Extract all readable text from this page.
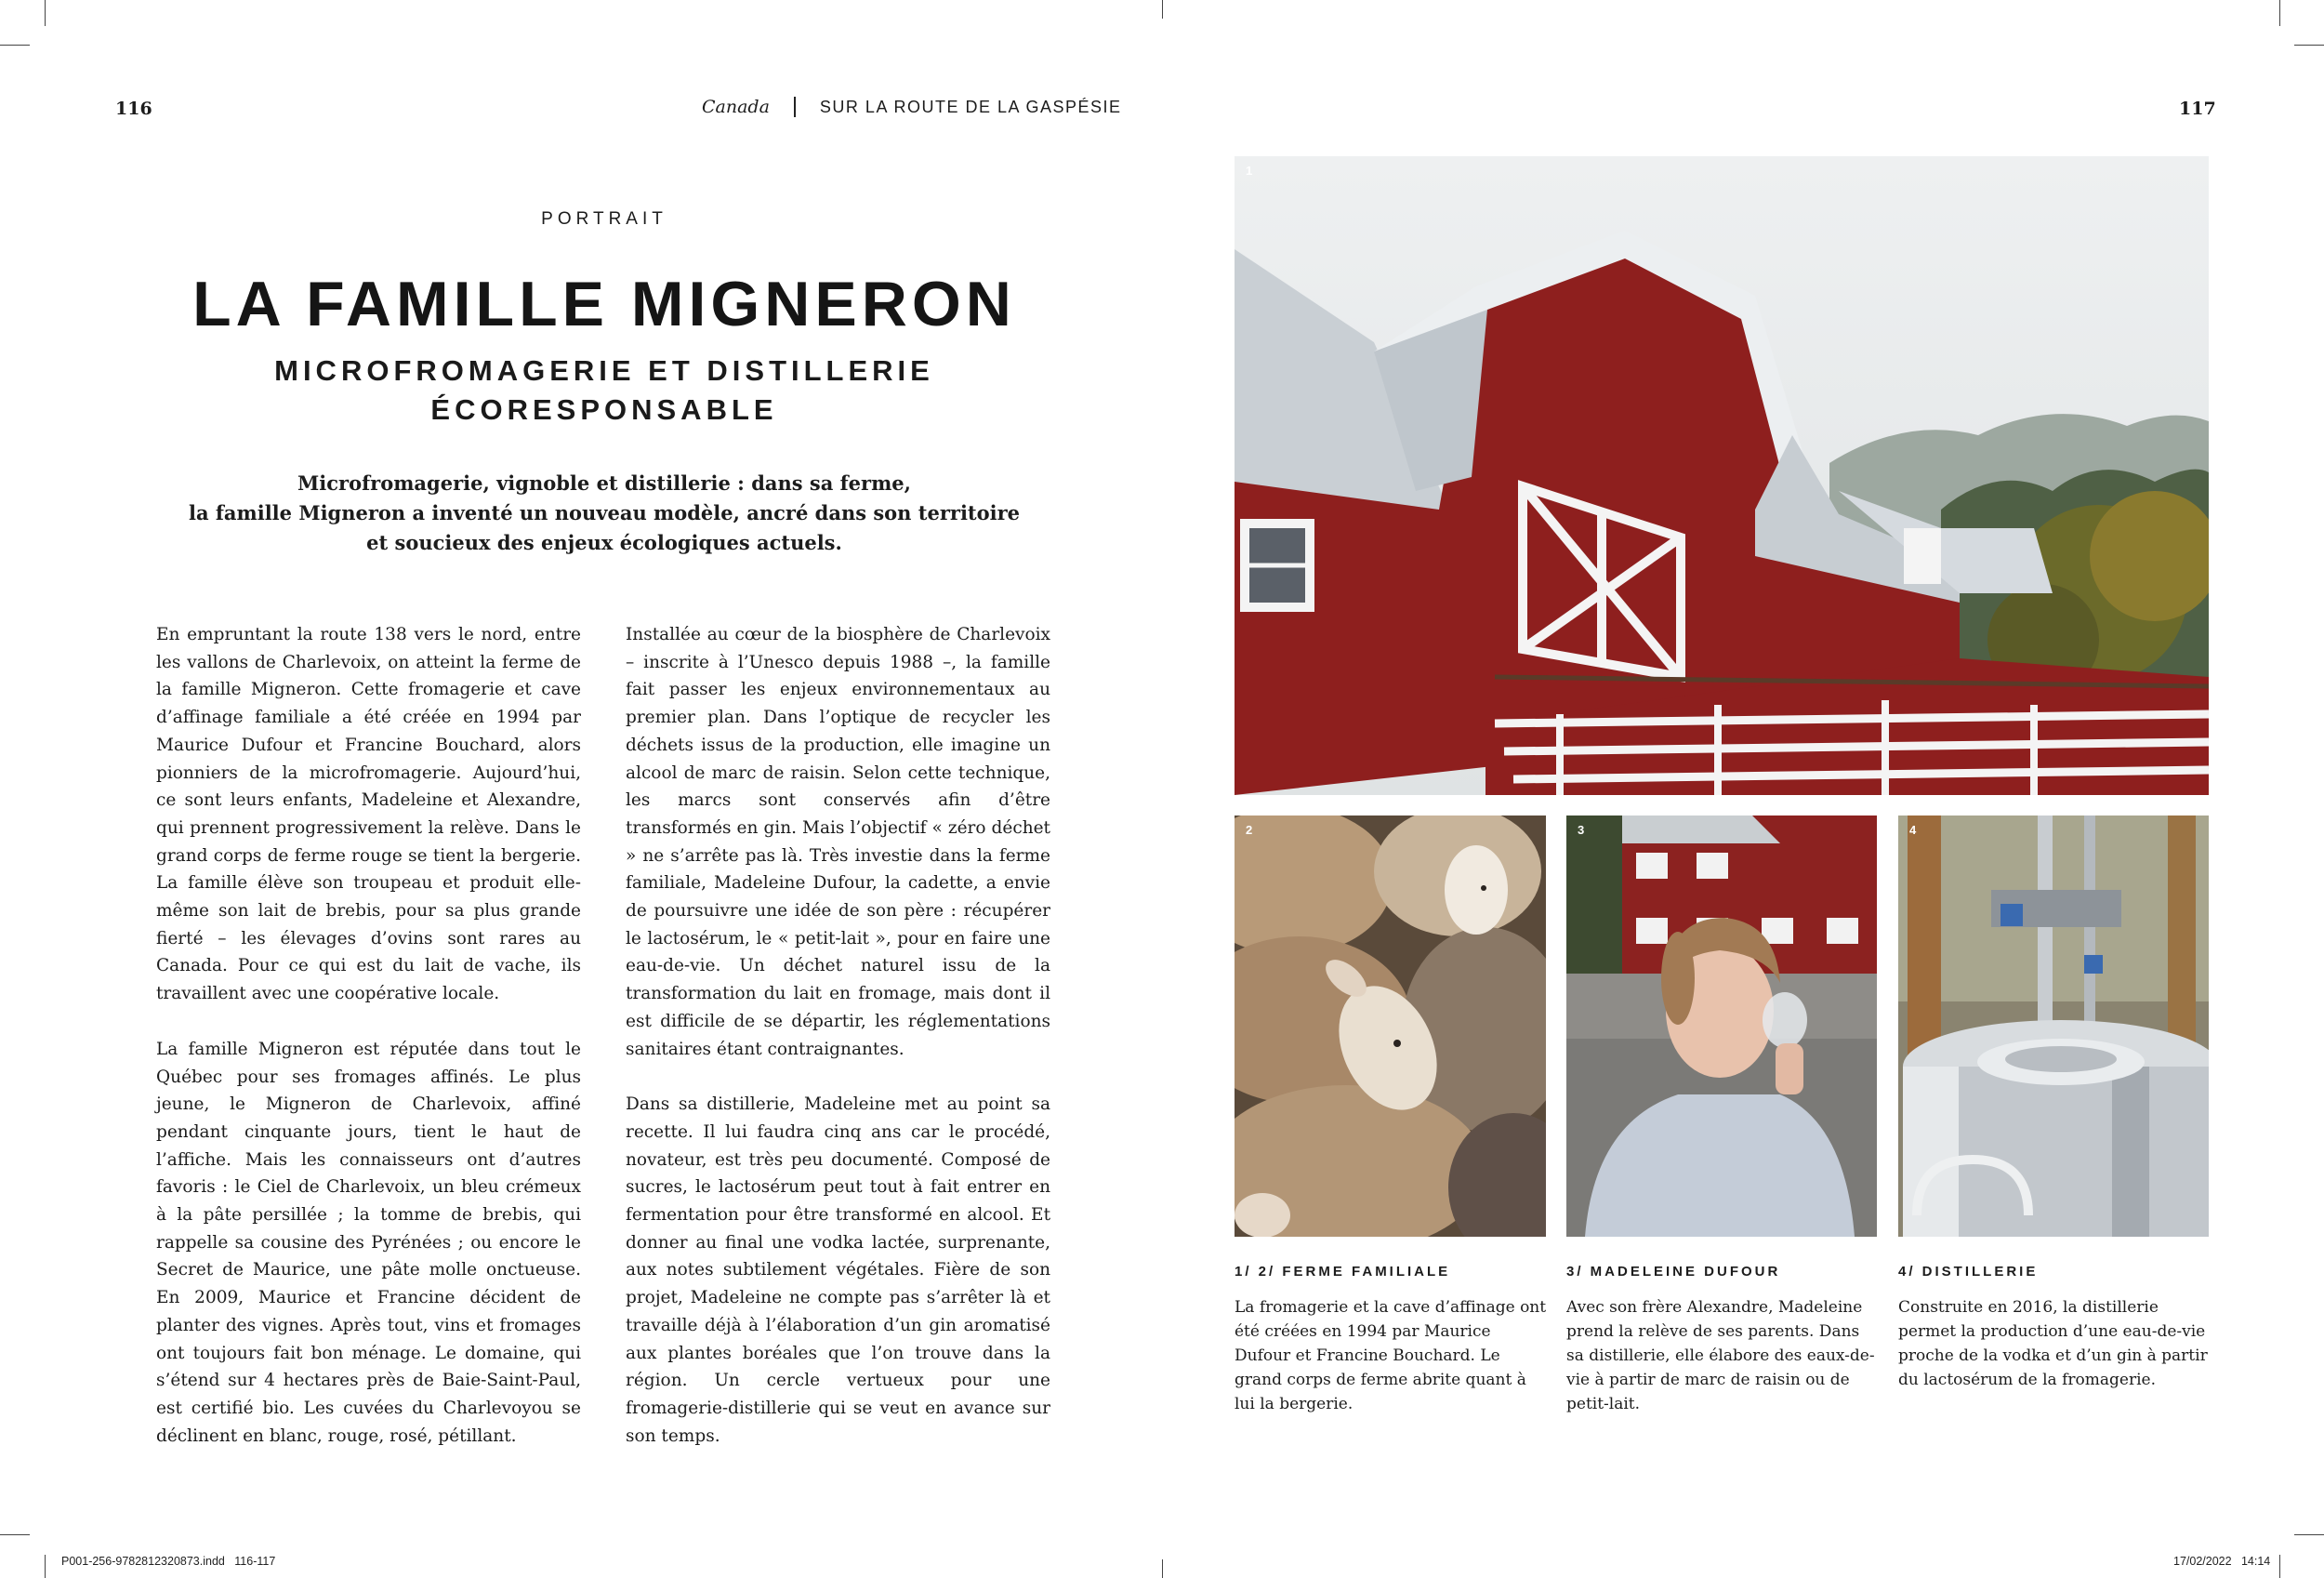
116	Canada	SUR LA ROUTE DE LA GASPÉSIE	117
PORTRAIT
LA FAMILLE MIGNERON
MICROFROMAGERIE ET DISTILLERIE
ÉCORESPONSABLE
Microfromagerie, vignoble et distillerie : dans sa ferme,
la famille Migneron a inventé un nouveau modèle, ancré dans son territoire
et soucieux des enjeux écologiques actuels.

En empruntant la route 138 vers le nord, entre les vallons de Charlevoix, on atteint la ferme de la famille Migneron. Cette fromagerie et cave d’affinage familiale a été créée en 1994 par Maurice Dufour et Francine Bouchard, alors pionniers de la microfromagerie. Aujourd’hui, ce sont leurs enfants, Madeleine et Alexandre, qui prennent progressivement la relève. Dans le grand corps de ferme rouge se tient la bergerie. La famille élève son troupeau et produit elle-même son lait de brebis, pour sa plus grande fierté – les élevages d’ovins sont rares au Canada. Pour ce qui est du lait de vache, ils travaillent avec une coopérative locale.

La famille Migneron est réputée dans tout le Québec pour ses fromages affinés. Le plus jeune, le Migneron de Charlevoix, affiné pendant cinquante jours, tient le haut de l’affiche. Mais les connaisseurs ont d’autres favoris : le Ciel de Charlevoix, un bleu crémeux à la pâte persillée ; la tomme de brebis, qui rappelle sa cousine des Pyrénées ; ou encore le Secret de Maurice, une pâte molle onctueuse. En 2009, Maurice et Francine décident de planter des vignes. Après tout, vins et fromages ont toujours fait bon ménage. Le domaine, qui s’étend sur 4 hectares près de Baie-Saint-Paul, est certifié bio. Les cuvées du Charlevoyou se déclinent en blanc, rouge, rosé, pétillant.

Installée au cœur de la biosphère de Charlevoix – inscrite à l’Unesco depuis 1988 –, la famille fait passer les enjeux environnementaux au premier plan. Dans l’optique de recycler les déchets issus de la production, elle imagine un alcool de marc de raisin. Selon cette technique, les marcs sont conservés afin d’être transformés en gin. Mais l’objectif « zéro déchet » ne s’arrête pas là. Très investie dans la ferme familiale, Madeleine Dufour, la cadette, a envie de poursuivre une idée de son père : récupérer le lactosérum, le « petit-lait », pour en faire une eau-de-vie. Un déchet naturel issu de la transformation du lait en fromage, mais dont il est difficile de se départir, les réglementations sanitaires étant contraignantes.

Dans sa distillerie, Madeleine met au point sa recette. Il lui faudra cinq ans car le procédé, novateur, est très peu documenté. Composé de sucres, le lactosérum peut tout à fait entrer en fermentation pour être transformé en alcool. Et donner au final une vodka lactée, surprenante, aux notes subtilement végétales. Fière de son projet, Madeleine ne compte pas s’arrêter là et travaille déjà à l’élaboration d’un gin aromatisé aux plantes boréales que l’on trouve dans la région. Un cercle vertueux pour une fromagerie-distillerie qui se veut en avance sur son temps.

1
2	3	4
1/ 2/ FERME FAMILIALE
La fromagerie et la cave d’affinage ont été créées en 1994 par Maurice Dufour et Francine Bouchard. Le grand corps de ferme abrite quant à lui la bergerie.
3/ MADELEINE DUFOUR
Avec son frère Alexandre, Madeleine prend la relève de ses parents. Dans sa distillerie, elle élabore des eaux-de-vie à partir de marc de raisin ou de petit-lait.
4/ DISTILLERIE
Construite en 2016, la distillerie permet la production d’une eau-de-vie proche de la vodka et d’un gin à partir du lactosérum de la fromagerie.
P001-256-9782812320873.indd   116-117	17/02/2022   14:14
